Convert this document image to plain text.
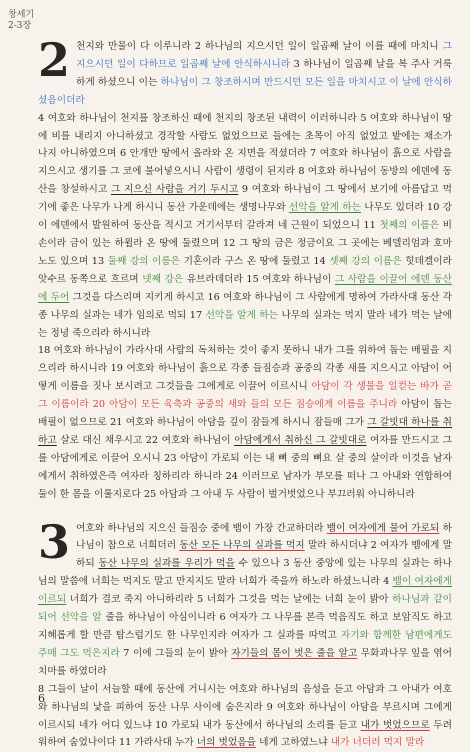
창세기
2-3장
2 천지와 만물이 다 이루니라 2 하나님의 지으시던 일이 일곱째 날이 이를 때에 마치니 그 지으시던 일이 다하므로 일곱째 날에 안식하시니라 3 하나님이 일곱째 날을 복 주사 거룩하게 하셨으니 이는 하나님이 그 창조하시며 만드시던 모든 일을 마치시고 이 날에 안식하셨음이더라

4 여호와 하나님이 천지를 창조하신 때에 천지의 창조된 내력이 이러하니라 5 여호와 하나님이 땅에 비를 내리지 아니하셨고 경작할 사람도 없었으므로 들에는 초목이 아직 없었고 밭에는 채소가 나지 아니하였으며 6 안개만 땅에서 올라와 온 지면을 적셨더라 7 여호와 하나님이 흙으로 사람을 지으시고 생기를 그 코에 불어넣으시니 사람이 생령이 된지라 8 여호와 하나님이 동방의 에덴에 동산을 창설하시고 그 지으신 사람을 거기 두시고 9 여호와 하나님이 그 땅에서 보기에 아름답고 먹기에 좋은 나무가 나게 하시니 동산 가운데에는 생명나무와 선악을 알게 하는 나무도 있더라 10 강이 에덴에서 발원하여 동산을 적시고 거기서부터 갈라져 네 근원이 되었으니 11 첫째의 이름은 비손이라 금이 있는 하윌라 온 땅에 둘렸으며 12 그 땅의 금은 정금이요 그 곳에는 베델리엄과 호마노도 있으며 13 둘째 강의 이름은 기혼이라 구스 온 땅에 둘렸고 14 셋째 강의 이름은 힛데겔이라 앗수르 동쪽으로 흐르며 넷째 강은 유브라데더라 15 여호와 하나님이 그 사람을 이끌어 에덴 동산에 두어 그것을 다스리며 지키게 하시고 16 여호와 하나님이 그 사람에게 명하여 가라사대 동산 각종 나무의 실과는 네가 임의로 먹되 17 선악을 알게 하는 나무의 실과는 먹지 말라 네가 먹는 날에는 정녕 죽으리라 하시니라

18 여호와 하나님이 가라사대 사람의 독처하는 것이 좋지 못하니 내가 그를 위하여 돕는 배필을 지으리라 하시니라 19 여호와 하나님이 흙으로 각종 들짐승과 공중의 각종 새를 지으시고 아담이 어떻게 이름을 짓나 보시려고 그것들을 그에게로 이끌어 이르시니 아담이 각 생물을 일컫는 바가 곧 그 이름이라 20 아담이 모든 육축과 공중의 새와 들의 모든 짐승에게 이름을 주니라 아담이 돕는 배필이 없으므로 21 여호와 하나님이 아담을 깊이 잠들게 하시니 잠들매 그가 그 갈빗대 하나를 취하고 살로 대신 채우시고 22 여호와 하나님이 아담에게서 취하신 그 갈빗대로 여자를 만드시고 그를 아담에게로 이끌어 오시니 23 아담이 가로되 이는 내 뼈 중의 뼈요 살 중의 살이라 이것을 남자에게서 취하였은즉 여자라 칭하리라 하니라 24 이러므로 남자가 부모를 떠나 그 아내와 연합하여 둘이 한 몸을 이룰지로다 25 아담과 그 아내 두 사람이 벌거벗었으나 부끄러워 아니하니라

3 여호와 하나님의 지으신 들짐승 중에 뱀이 가장 간교하더라 뱀이 여자에게 물어 가로되 하나님이 참으로 너희더러 동산 모든 나무의 실과를 먹지 말라 하시더냐 2 여자가 뱀에게 말하되 동산 나무의 실과를 우리가 먹을 수 있으나 3 동산 중앙에 있는 나무의 실과는 하나님의 말씀에 너희는 먹지도 말고 만지지도 말라 너희가 죽을까 하노라 하셨느니라 4 뱀이 여자에게 이르되 너희가 결코 죽지 아니하리라 5 너희가 그것을 먹는 날에는 너희 눈이 밝아 하나님과 같이 되어 선악을 알 줄을 하나님이 아심이니라 6 여자가 그 나무를 본즉 먹음직도 하고 보암직도 하고 지혜롭게 할 만큼 탐스럽기도 한 나무인지라 여자가 그 실과를 따먹고 자기와 함께한 남편에게도 주매 그도 먹은지라 7 이에 그들의 눈이 밝아 자기들의 몸이 벗은 줄을 알고 무화과나무 잎을 엮어 치마를 하였더라

8 그들이 날이 서늘할 때에 동산에 거니시는 여호와 하나님의 음성을 듣고 아담과 그 아내가 여호와 하나님의 낯을 피하여 동산 나무 사이에 숨은지라 9 여호와 하나님이 아담을 부르시며 그에게 이르시되 네가 어디 있느냐 10 가로되 내가 동산에서 하나님의 소리를 듣고 내가 벗었으므로 두려워하여 숨었나이다 11 가라사대 누가 너의 벗었음을 네게 고하였느냐 내가 너더러 먹지 말라

6
